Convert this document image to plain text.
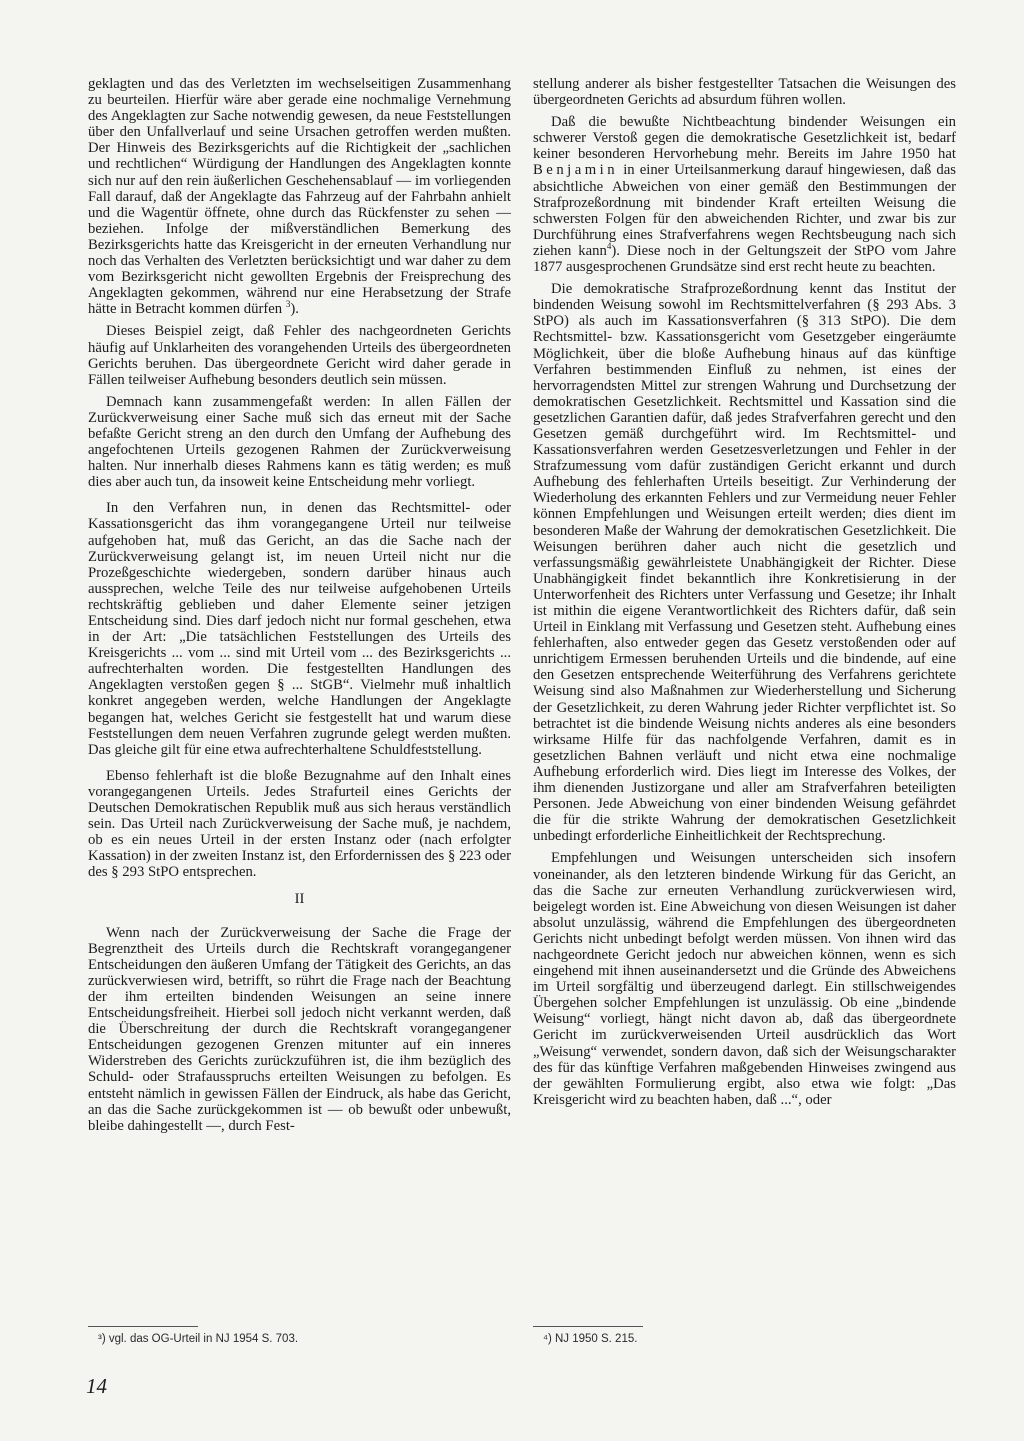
geklagten und das des Verletzten im wechselseitigen Zusammenhang zu beurteilen. Hierfür wäre aber gerade eine nochmalige Vernehmung des Angeklagten zur Sache notwendig gewesen, da neue Feststellungen über den Unfallverlauf und seine Ursachen getroffen werden mußten. Der Hinweis des Bezirksgerichts auf die Richtigkeit der „sachlichen und rechtlichen“ Würdigung der Handlungen des Angeklagten konnte sich nur auf den rein äußerlichen Geschehensablauf — im vorliegenden Fall darauf, daß der Angeklagte das Fahrzeug auf der Fahrbahn anhielt und die Wagentür öffnete, ohne durch das Rückfenster zu sehen — beziehen. Infolge der mißverständlichen Bemerkung des Bezirksgerichts hatte das Kreisgericht in der erneuten Verhandlung nur noch das Verhalten des Verletzten berücksichtigt und war daher zu dem vom Bezirksgericht nicht gewollten Ergebnis der Freisprechung des Angeklagten gekommen, während nur eine Herabsetzung der Strafe hätte in Betracht kommen dürfen $^3$).

Dieses Beispiel zeigt, daß Fehler des nachgeordneten Gerichts häufig auf Unklarheiten des vorangehenden Urteils des übergeordneten Gerichts beruhen. Das übergeordnete Gericht wird daher gerade in Fällen teilweiser Aufhebung besonders deutlich sein müssen.

Demnach kann zusammengefaßt werden: In allen Fällen der Zurückverweisung einer Sache muß sich das erneut mit der Sache befaßte Gericht streng an den durch den Umfang der Aufhebung des angefochtenen Urteils gezogenen Rahmen der Zurückverweisung halten. Nur innerhalb dieses Rahmens kann es tätig werden; es muß dies aber auch tun, da insoweit keine Entscheidung mehr vorliegt.

In den Verfahren nun, in denen das Rechtsmittel- oder Kassationsgericht das ihm vorangegangene Urteil nur teilweise aufgehoben hat, muß das Gericht, an das die Sache nach der Zurückverweisung gelangt ist, im neuen Urteil nicht nur die Prozeßgeschichte wiedergeben, sondern darüber hinaus auch aussprechen, welche Teile des nur teilweise aufgehobenen Urteils rechtskräftig geblieben und daher Elemente seiner jetzigen Entscheidung sind. Dies darf jedoch nicht nur formal geschehen, etwa in der Art: „Die tatsächlichen Feststellungen des Urteils des Kreisgerichts ... vom ... sind mit Urteil vom ... des Bezirksgerichts ... aufrechterhalten worden. Die festgestellten Handlungen des Angeklagten verstoßen gegen § ... StGB“. Vielmehr muß inhaltlich konkret angegeben werden, welche Handlungen der Angeklagte begangen hat, welches Gericht sie festgestellt hat und warum diese Feststellungen dem neuen Verfahren zugrunde gelegt werden mußten. Das gleiche gilt für eine etwa aufrechterhaltene Schuldfeststellung.

Ebenso fehlerhaft ist die bloße Bezugnahme auf den Inhalt eines vorangegangenen Urteils. Jedes Strafurteil eines Gerichts der Deutschen Demokratischen Republik muß aus sich heraus verständlich sein. Das Urteil nach Zurückverweisung der Sache muß, je nachdem, ob es ein neues Urteil in der ersten Instanz oder (nach erfolgter Kassation) in der zweiten Instanz ist, den Erfordernissen des § 223 oder des § 293 StPO entsprechen.

II

Wenn nach der Zurückverweisung der Sache die Frage der Begrenztheit des Urteils durch die Rechtskraft vorangegangener Entscheidungen den äußeren Umfang der Tätigkeit des Gerichts, an das zurückverwiesen wird, betrifft, so rührt die Frage nach der Beachtung der ihm erteilten bindenden Weisungen an seine innere Entscheidungsfreiheit. Hierbei soll jedoch nicht verkannt werden, daß die Überschreitung der durch die Rechtskraft vorangegangener Entscheidungen gezogenen Grenzen mitunter auf ein inneres Widerstreben des Gerichts zurückzuführen ist, die ihm bezüglich des Schuld- oder Strafausspruchs erteilten Weisungen zu befolgen. Es entsteht nämlich in gewissen Fällen der Eindruck, als habe das Gericht, an das die Sache zurückgekommen ist — ob bewußt oder unbewußt, bleibe dahingestellt —, durch Fest-

stellung anderer als bisher festgestellter Tatsachen die Weisungen des übergeordneten Gerichts ad absurdum führen wollen.

Daß die bewußte Nichtbeachtung bindender Weisungen ein schwerer Verstoß gegen die demokratische Gesetzlichkeit ist, bedarf keiner besonderen Hervorhebung mehr. Bereits im Jahre 1950 hat Benjamin in einer Urteilsanmerkung darauf hingewiesen, daß das absichtliche Abweichen von einer gemäß den Bestimmungen der Strafprozeßordnung mit bindender Kraft erteilten Weisung die schwersten Folgen für den abweichenden Richter, und zwar bis zur Durchführung eines Strafverfahrens wegen Rechtsbeugung nach sich ziehen kann$^4$). Diese noch in der Geltungszeit der StPO vom Jahre 1877 ausgesprochenen Grundsätze sind erst recht heute zu beachten.

Die demokratische Strafprozeßordnung kennt das Institut der bindenden Weisung sowohl im Rechtsmittelverfahren (§ 293 Abs. 3 StPO) als auch im Kassationsverfahren (§ 313 StPO). Die dem Rechtsmittel- bzw. Kassationsgericht vom Gesetzgeber eingeräumte Möglichkeit, über die bloße Aufhebung hinaus auf das künftige Verfahren bestimmenden Einfluß zu nehmen, ist eines der hervorragendsten Mittel zur strengen Wahrung und Durchsetzung der demokratischen Gesetzlichkeit. Rechtsmittel und Kassation sind die gesetzlichen Garantien dafür, daß jedes Strafverfahren gerecht und den Gesetzen gemäß durchgeführt wird. Im Rechtsmittel- und Kassationsverfahren werden Gesetzesverletzungen und Fehler in der Strafzumessung vom dafür zuständigen Gericht erkannt und durch Aufhebung des fehlerhaften Urteils beseitigt. Zur Verhinderung der Wiederholung des erkannten Fehlers und zur Vermeidung neuer Fehler können Empfehlungen und Weisungen erteilt werden; dies dient im besonderen Maße der Wahrung der demokratischen Gesetzlichkeit. Die Weisungen berühren daher auch nicht die gesetzlich und verfassungsmäßig gewährleistete Unabhängigkeit der Richter. Diese Unabhängigkeit findet bekanntlich ihre Konkretisierung in der Unterworfenheit des Richters unter Verfassung und Gesetze; ihr Inhalt ist mithin die eigene Verantwortlichkeit des Richters dafür, daß sein Urteil in Einklang mit Verfassung und Gesetzen steht. Aufhebung eines fehlerhaften, also entweder gegen das Gesetz verstoßenden oder auf unrichtigem Ermessen beruhenden Urteils und die bindende, auf eine den Gesetzen entsprechende Weiterführung des Verfahrens gerichtete Weisung sind also Maßnahmen zur Wiederherstellung und Sicherung der Gesetzlichkeit, zu deren Wahrung jeder Richter verpflichtet ist. So betrachtet ist die bindende Weisung nichts anderes als eine besonders wirksame Hilfe für das nachfolgende Verfahren, damit es in gesetzlichen Bahnen verläuft und nicht etwa eine nochmalige Aufhebung erforderlich wird. Dies liegt im Interesse des Volkes, der ihm dienenden Justizorgane und aller am Strafverfahren beteiligten Personen. Jede Abweichung von einer bindenden Weisung gefährdet die für die strikte Wahrung der demokratischen Gesetzlichkeit unbedingt erforderliche Einheitlichkeit der Rechtsprechung.

Empfehlungen und Weisungen unterscheiden sich insofern voneinander, als den letzteren bindende Wirkung für das Gericht, an das die Sache zur erneuten Verhandlung zurückverwiesen wird, beigelegt worden ist. Eine Abweichung von diesen Weisungen ist daher absolut unzulässig, während die Empfehlungen des übergeordneten Gerichts nicht unbedingt befolgt werden müssen. Von ihnen wird das nachgeordnete Gericht jedoch nur abweichen können, wenn es sich eingehend mit ihnen auseinandersetzt und die Gründe des Abweichens im Urteil sorgfältig und überzeugend darlegt. Ein stillschweigendes Übergehen solcher Empfehlungen ist unzulässig. Ob eine „bindende Weisung“ vorliegt, hängt nicht davon ab, daß das übergeordnete Gericht im zurückverweisenden Urteil ausdrücklich das Wort „Weisung“ verwendet, sondern davon, daß sich der Weisungscharakter des für das künftige Verfahren maßgebenden Hinweises zwingend aus der gewählten Formulierung ergibt, also etwa wie folgt: „Das Kreisgericht wird zu beachten haben, daß ...“, oder

³) vgl. das OG-Urteil in NJ 1954 S. 703.	⁴) NJ 1950 S. 215.
14
